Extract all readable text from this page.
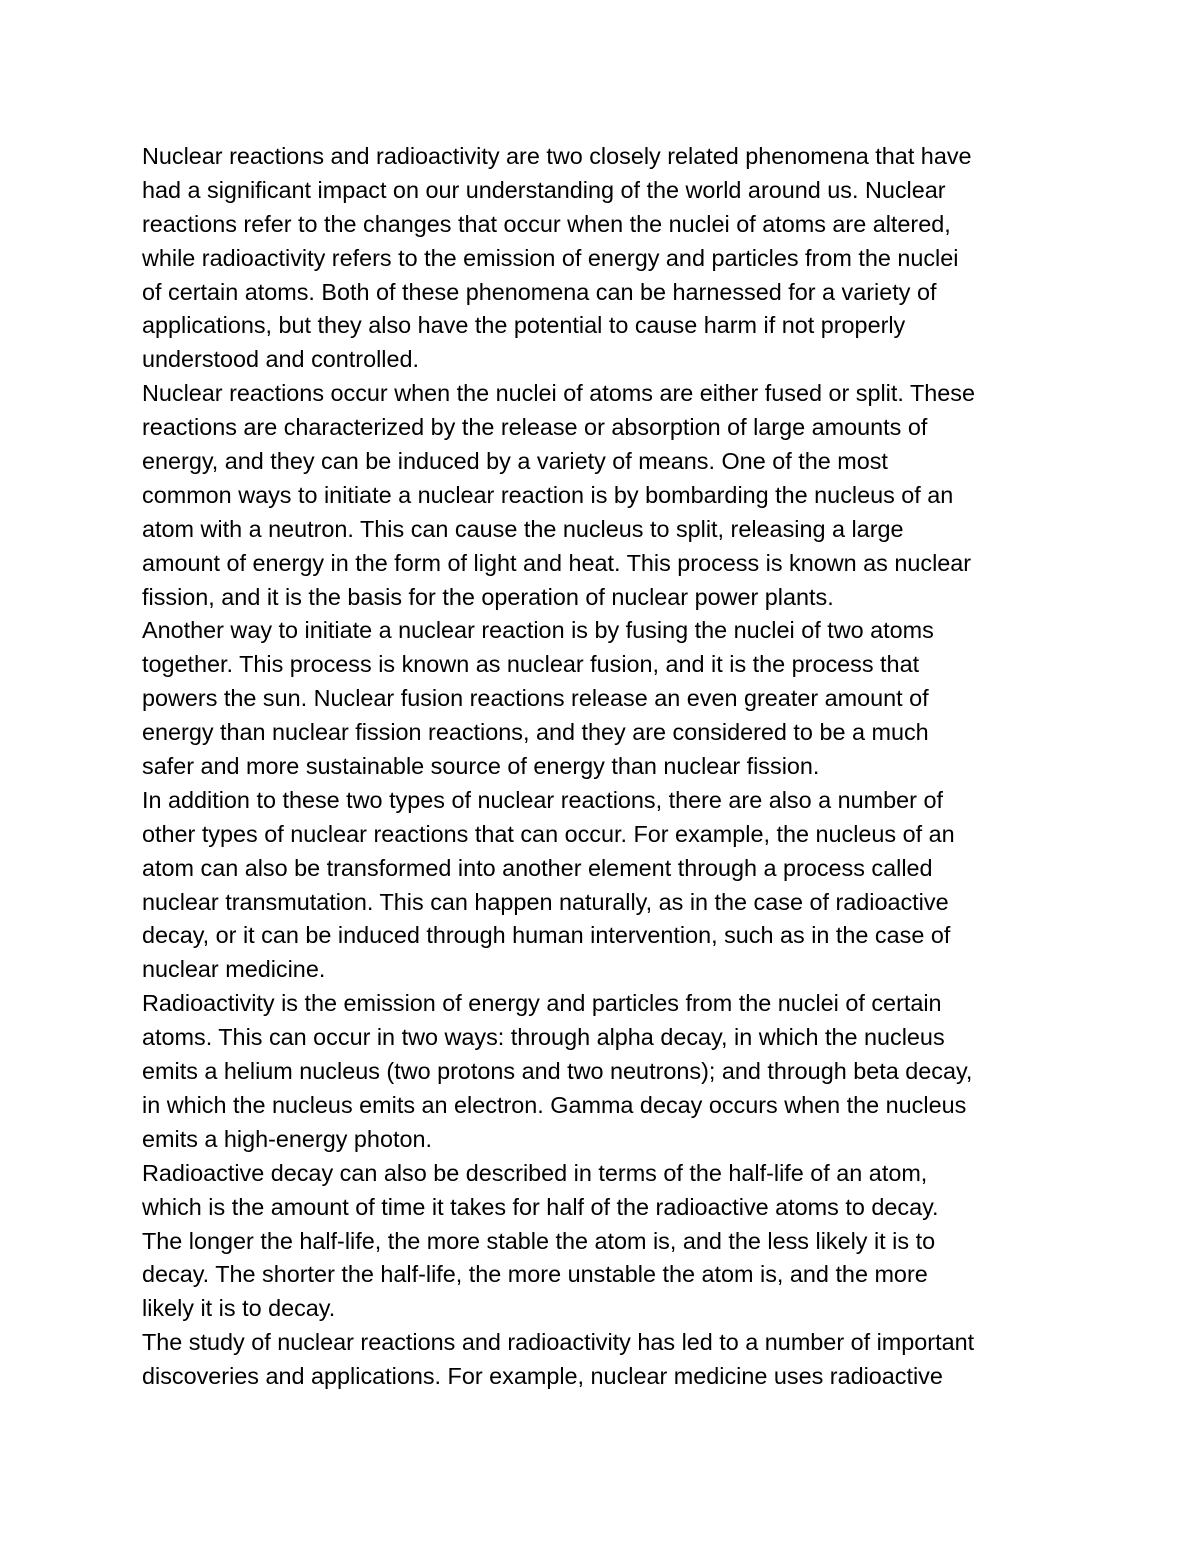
Nuclear reactions and radioactivity are two closely related phenomena that have
had a significant impact on our understanding of the world around us. Nuclear
reactions refer to the changes that occur when the nuclei of atoms are altered,
while radioactivity refers to the emission of energy and particles from the nuclei
of certain atoms. Both of these phenomena can be harnessed for a variety of
applications, but they also have the potential to cause harm if not properly
understood and controlled.
Nuclear reactions occur when the nuclei of atoms are either fused or split. These
reactions are characterized by the release or absorption of large amounts of
energy, and they can be induced by a variety of means. One of the most
common ways to initiate a nuclear reaction is by bombarding the nucleus of an
atom with a neutron. This can cause the nucleus to split, releasing a large
amount of energy in the form of light and heat. This process is known as nuclear
fission, and it is the basis for the operation of nuclear power plants.
Another way to initiate a nuclear reaction is by fusing the nuclei of two atoms
together. This process is known as nuclear fusion, and it is the process that
powers the sun. Nuclear fusion reactions release an even greater amount of
energy than nuclear fission reactions, and they are considered to be a much
safer and more sustainable source of energy than nuclear fission.
In addition to these two types of nuclear reactions, there are also a number of
other types of nuclear reactions that can occur. For example, the nucleus of an
atom can also be transformed into another element through a process called
nuclear transmutation. This can happen naturally, as in the case of radioactive
decay, or it can be induced through human intervention, such as in the case of
nuclear medicine.
Radioactivity is the emission of energy and particles from the nuclei of certain
atoms. This can occur in two ways: through alpha decay, in which the nucleus
emits a helium nucleus (two protons and two neutrons); and through beta decay,
in which the nucleus emits an electron. Gamma decay occurs when the nucleus
emits a high-energy photon.
Radioactive decay can also be described in terms of the half-life of an atom,
which is the amount of time it takes for half of the radioactive atoms to decay.
The longer the half-life, the more stable the atom is, and the less likely it is to
decay. The shorter the half-life, the more unstable the atom is, and the more
likely it is to decay.
The study of nuclear reactions and radioactivity has led to a number of important
discoveries and applications. For example, nuclear medicine uses radioactive
